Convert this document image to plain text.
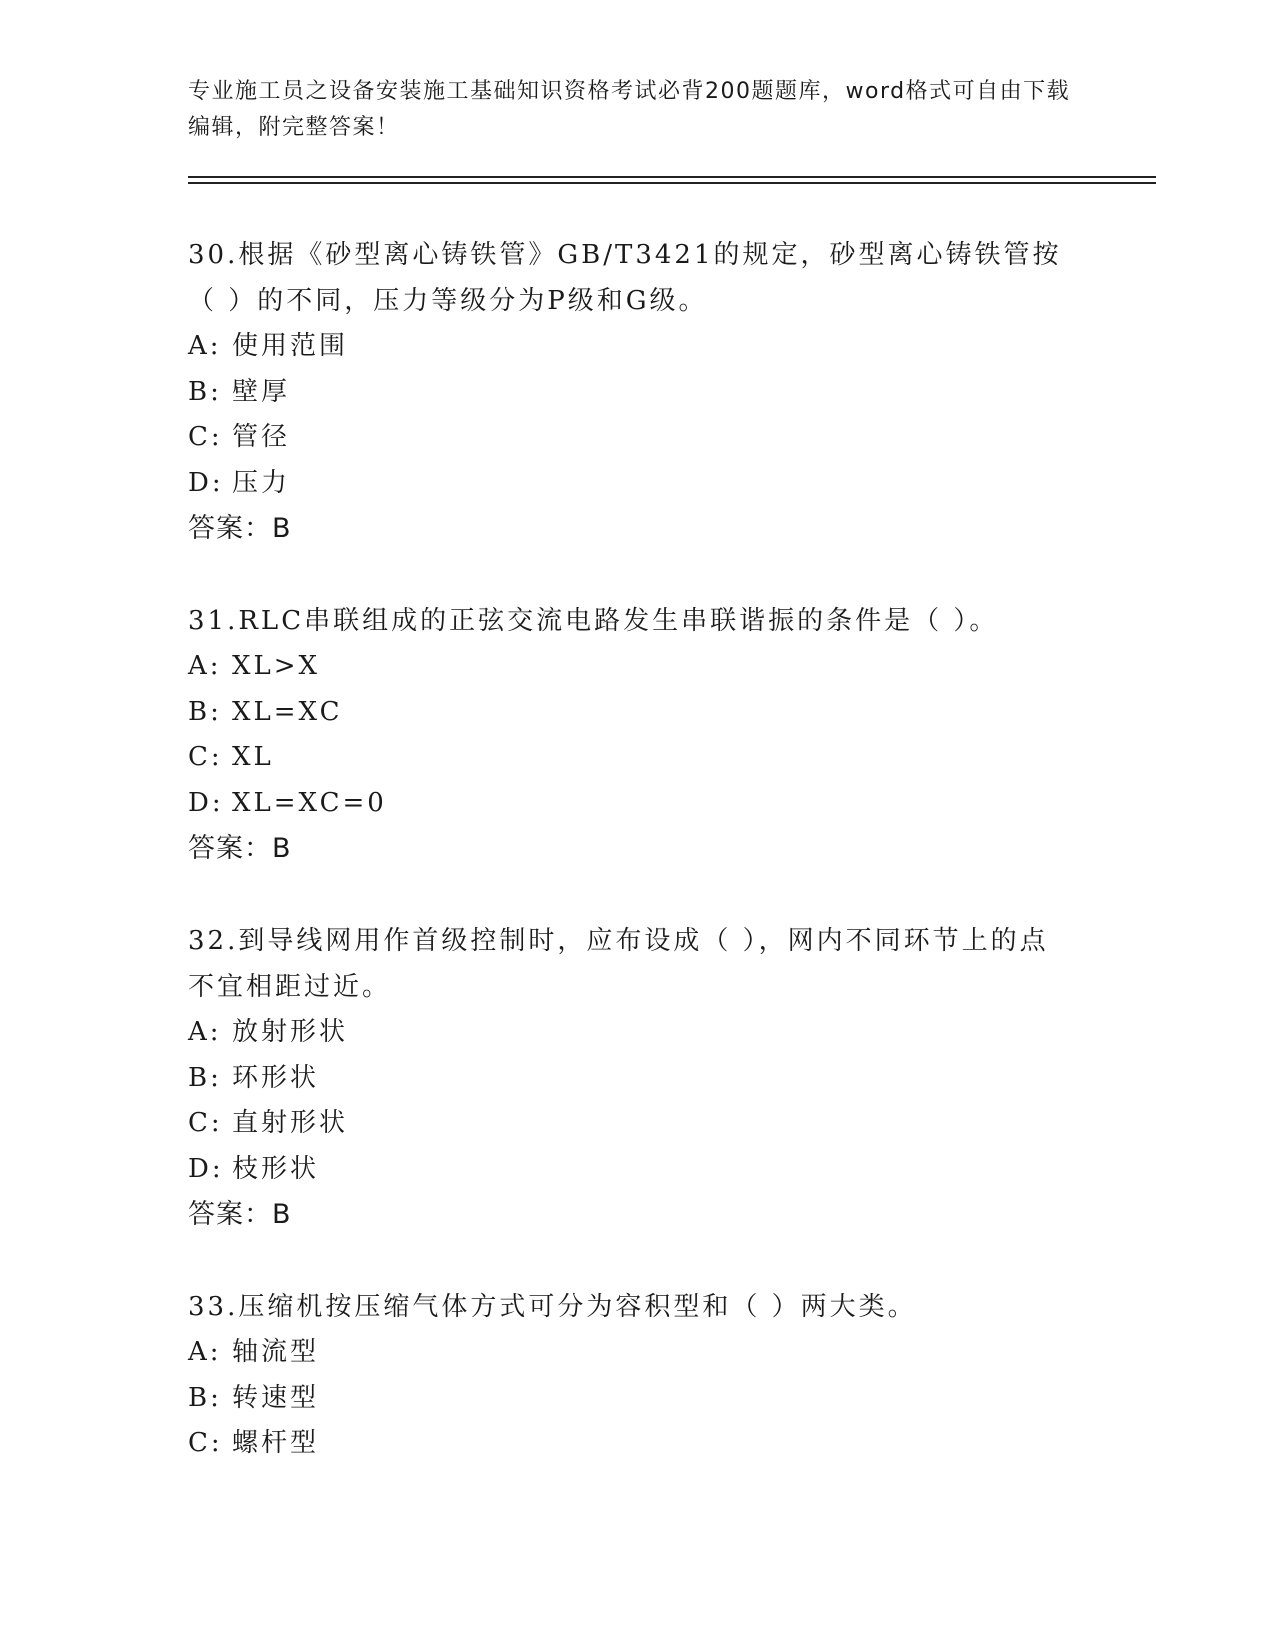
专业施工员之设备安装施工基础知识资格考试必背200题题库，word格式可自由下载编辑，附完整答案！
30.根据《砂型离心铸铁管》GB/T3421的规定，砂型离心铸铁管按（ ）的不同，压力等级分为P级和G级。
A: 使用范围
B: 壁厚
C: 管径
D: 压力
答案：B
31.RLC串联组成的正弦交流电路发生串联谐振的条件是（ ）。
A: XL>X
B: XL=XC
C: XL
D: XL=XC=0
答案：B
32.到导线网用作首级控制时，应布设成（ ），网内不同环节上的点不宜相距过近。
A: 放射形状
B: 环形状
C: 直射形状
D: 枝形状
答案：B
33.压缩机按压缩气体方式可分为容积型和（ ）两大类。
A: 轴流型
B: 转速型
C: 螺杆型
